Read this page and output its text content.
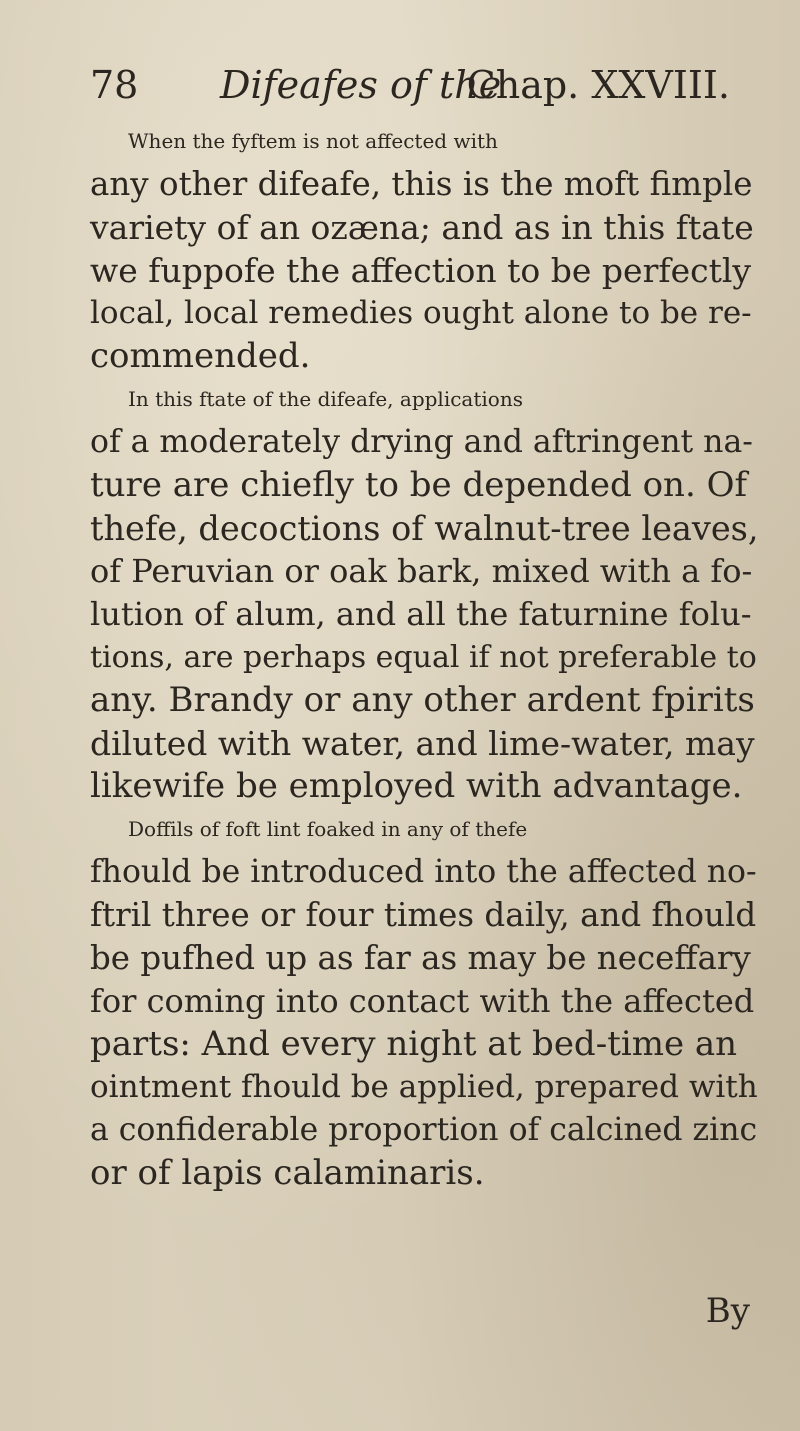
78 Difeafes of the
Chap. XXVIII.

When the fyftem is not affected with
any other difeafe, this is the moft fimple
variety of an ozæna; and as in this ftate
we fuppofe the affection to be perfectly
local, local remedies ought alone to be re-
commended.

In this ftate of the difeafe, applications
of a moderately drying and aftringent na-
ture are chiefly to be depended on. Of
thefe, decoctions of walnut-tree leaves,
of Peruvian or oak bark, mixed with a fo-
lution of alum, and all the faturnine folu-
tions, are perhaps equal if not preferable to
any. Brandy or any other ardent fpirits
diluted with water, and lime-water, may
likewife be employed with advantage.

Doffils of foft lint foaked in any of thefe
fhould be introduced into the affected no-
ftril three or four times daily, and fhould
be pufhed up as far as may be neceffary
for coming into contact with the affected
parts: And every night at bed-time an
ointment fhould be applied, prepared with
a confiderable proportion of calcined zinc
or of lapis calaminaris.

By
